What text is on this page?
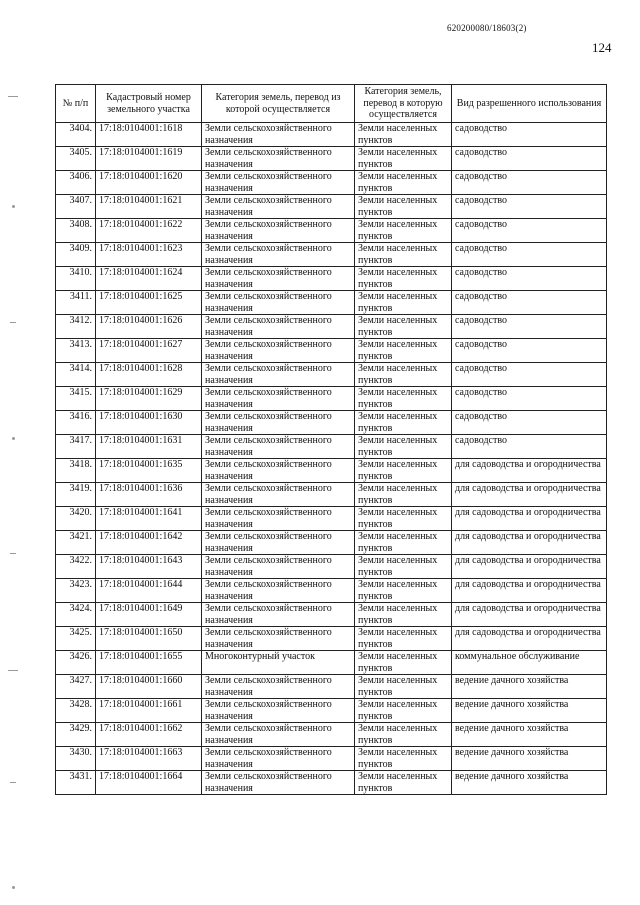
620200080/18603(2)
124
№ п/п	Кадастровый номер земельного участка	Категория земель, перевод из которой осуществляется	Категория земель, перевод в которую осуществляется	Вид разрешенного использования
3404.	17:18:0104001:1618	Земли сельскохозяйственного назначения	Земли населенных пунктов	садоводство
3405.	17:18:0104001:1619	Земли сельскохозяйственного назначения	Земли населенных пунктов	садоводство
3406.	17:18:0104001:1620	Земли сельскохозяйственного назначения	Земли населенных пунктов	садоводство
3407.	17:18:0104001:1621	Земли сельскохозяйственного назначения	Земли населенных пунктов	садоводство
3408.	17:18:0104001:1622	Земли сельскохозяйственного назначения	Земли населенных пунктов	садоводство
3409.	17:18:0104001:1623	Земли сельскохозяйственного назначения	Земли населенных пунктов	садоводство
3410.	17:18:0104001:1624	Земли сельскохозяйственного назначения	Земли населенных пунктов	садоводство
3411.	17:18:0104001:1625	Земли сельскохозяйственного назначения	Земли населенных пунктов	садоводство
3412.	17:18:0104001:1626	Земли сельскохозяйственного назначения	Земли населенных пунктов	садоводство
3413.	17:18:0104001:1627	Земли сельскохозяйственного назначения	Земли населенных пунктов	садоводство
3414.	17:18:0104001:1628	Земли сельскохозяйственного назначения	Земли населенных пунктов	садоводство
3415.	17:18:0104001:1629	Земли сельскохозяйственного назначения	Земли населенных пунктов	садоводство
3416.	17:18:0104001:1630	Земли сельскохозяйственного назначения	Земли населенных пунктов	садоводство
3417.	17:18:0104001:1631	Земли сельскохозяйственного назначения	Земли населенных пунктов	садоводство
3418.	17:18:0104001:1635	Земли сельскохозяйственного назначения	Земли населенных пунктов	для садоводства и огородничества
3419.	17:18:0104001:1636	Земли сельскохозяйственного назначения	Земли населенных пунктов	для садоводства и огородничества
3420.	17:18:0104001:1641	Земли сельскохозяйственного назначения	Земли населенных пунктов	для садоводства и огородничества
3421.	17:18:0104001:1642	Земли сельскохозяйственного назначения	Земли населенных пунктов	для садоводства и огородничества
3422.	17:18:0104001:1643	Земли сельскохозяйственного назначения	Земли населенных пунктов	для садоводства и огородничества
3423.	17:18:0104001:1644	Земли сельскохозяйственного назначения	Земли населенных пунктов	для садоводства и огородничества
3424.	17:18:0104001:1649	Земли сельскохозяйственного назначения	Земли населенных пунктов	для садоводства и огородничества
3425.	17:18:0104001:1650	Земли сельскохозяйственного назначения	Земли населенных пунктов	для садоводства и огородничества
3426.	17:18:0104001:1655	Многоконтурный участок	Земли населенных пунктов	коммунальное обслуживание
3427.	17:18:0104001:1660	Земли сельскохозяйственного назначения	Земли населенных пунктов	ведение дачного хозяйства
3428.	17:18:0104001:1661	Земли сельскохозяйственного назначения	Земли населенных пунктов	ведение дачного хозяйства
3429.	17:18:0104001:1662	Земли сельскохозяйственного назначения	Земли населенных пунктов	ведение дачного хозяйства
3430.	17:18:0104001:1663	Земли сельскохозяйственного назначения	Земли населенных пунктов	ведение дачного хозяйства
3431.	17:18:0104001:1664	Земли сельскохозяйственного назначения	Земли населенных пунктов	ведение дачного хозяйства
